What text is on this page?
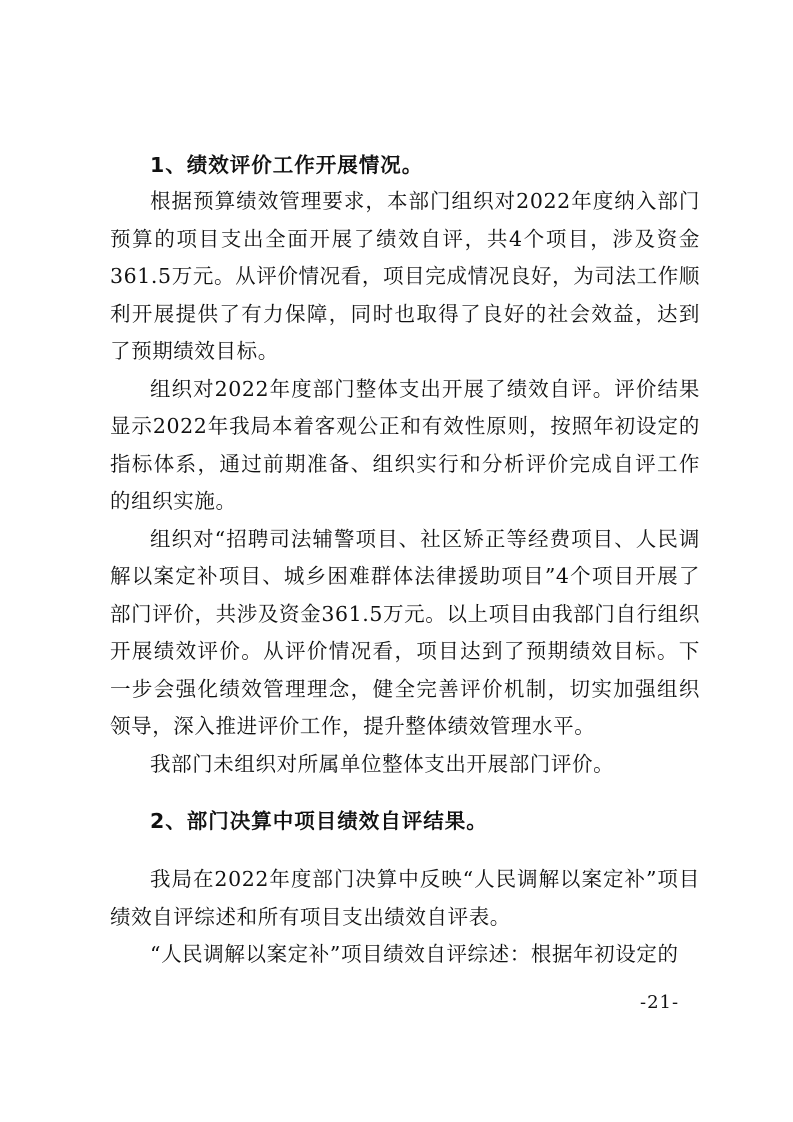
1、绩效评价工作开展情况。

根据预算绩效管理要求，本部门组织对2022年度纳入部门预算的项目支出全面开展了绩效自评，共4个项目，涉及资金361.5万元。从评价情况看，项目完成情况良好，为司法工作顺利开展提供了有力保障，同时也取得了良好的社会效益，达到了预期绩效目标。

组织对2022年度部门整体支出开展了绩效自评。评价结果显示2022年我局本着客观公正和有效性原则，按照年初设定的指标体系，通过前期准备、组织实行和分析评价完成自评工作的组织实施。

组织对“招聘司法辅警项目、社区矫正等经费项目、人民调解以案定补项目、城乡困难群体法律援助项目”4个项目开展了部门评价，共涉及资金361.5万元。以上项目由我部门自行组织开展绩效评价。从评价情况看，项目达到了预期绩效目标。下一步会强化绩效管理理念，健全完善评价机制，切实加强组织领导，深入推进评价工作，提升整体绩效管理水平。

我部门未组织对所属单位整体支出开展部门评价。

2、部门决算中项目绩效自评结果。

我局在2022年度部门决算中反映“人民调解以案定补”项目绩效自评综述和所有项目支出绩效自评表。

“人民调解以案定补”项目绩效自评综述：根据年初设定的

-21-
